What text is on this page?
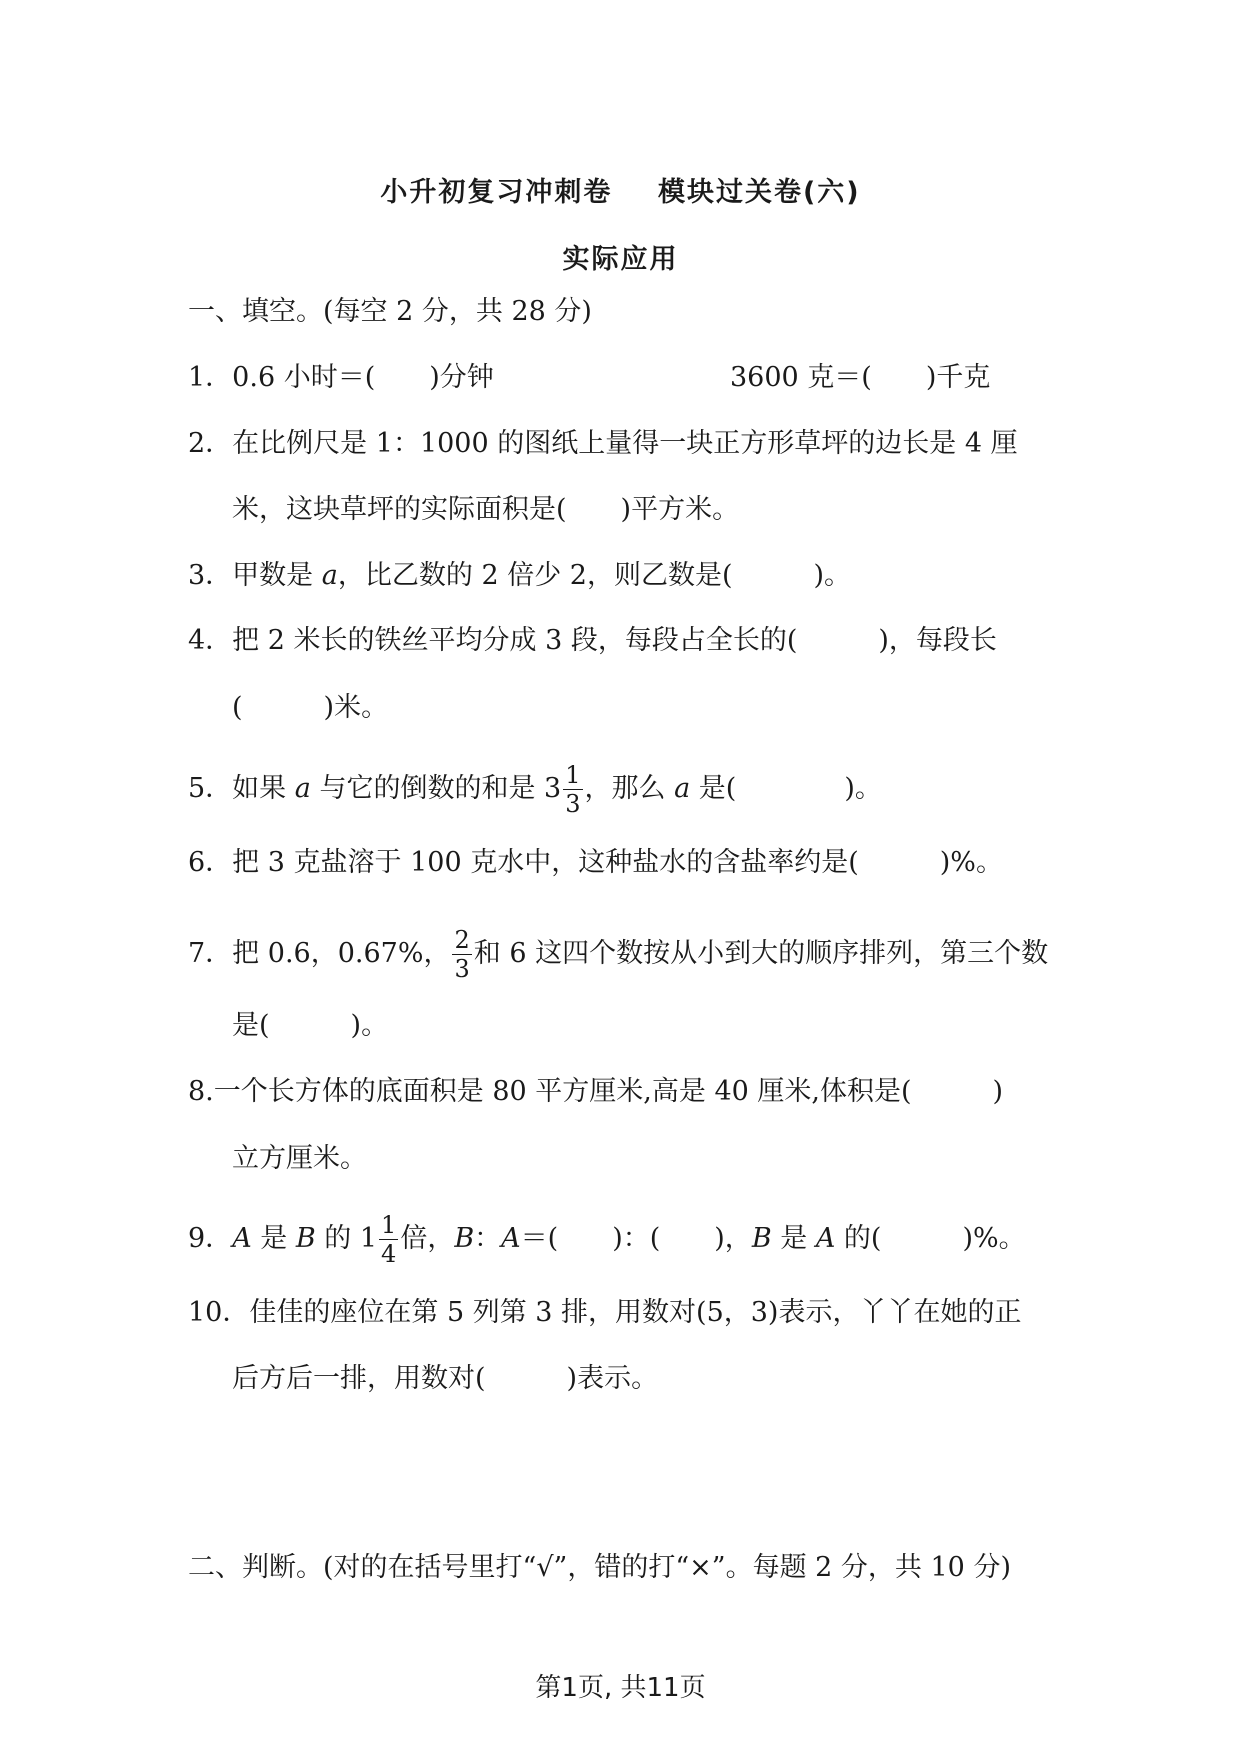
小升初复习冲刺卷    模块过关卷(六)
实际应用
一、填空。(每空 2 分，共 28 分)
1．0.6 小时＝(　　)分钟	3600 克＝(　　)千克
2．在比例尺是 1：1000 的图纸上量得一块正方形草坪的边长是 4 厘
米，这块草坪的实际面积是(　　)平方米。
3．甲数是 a，比乙数的 2 倍少 2，则乙数是(　　　)。
4．把 2 米长的铁丝平均分成 3 段，每段占全长的(　　　)，每段长
(　　　)米。
5．如果 a 与它的倒数的和是 $3 \frac{1}{3}$ ，那么 a 是(　　　　)。
6．把 3 克盐溶于 100 克水中，这种盐水的含盐率约是(　　　)%。
7．把 0.6，0.67%， $\frac{2}{3}$ 和 6 这四个数按从小到大的顺序排列，第三个数
是(　　　)。
8.一个长方体的底面积是 80 平方厘米,高是 40 厘米,体积是(　　　)
立方厘米。
9．A 是 B 的 $1 \frac{1}{4}$ 倍，B：A＝(　　)：(　　)，B 是 A 的(　　　)%。
10．佳佳的座位在第 5 列第 3 排，用数对(5，3)表示，丫丫在她的正
后方后一排，用数对(　　　)表示。
二、判断。(对的在括号里打“√”，错的打“×”。每题 2 分，共 10 分)
第1页, 共11页
